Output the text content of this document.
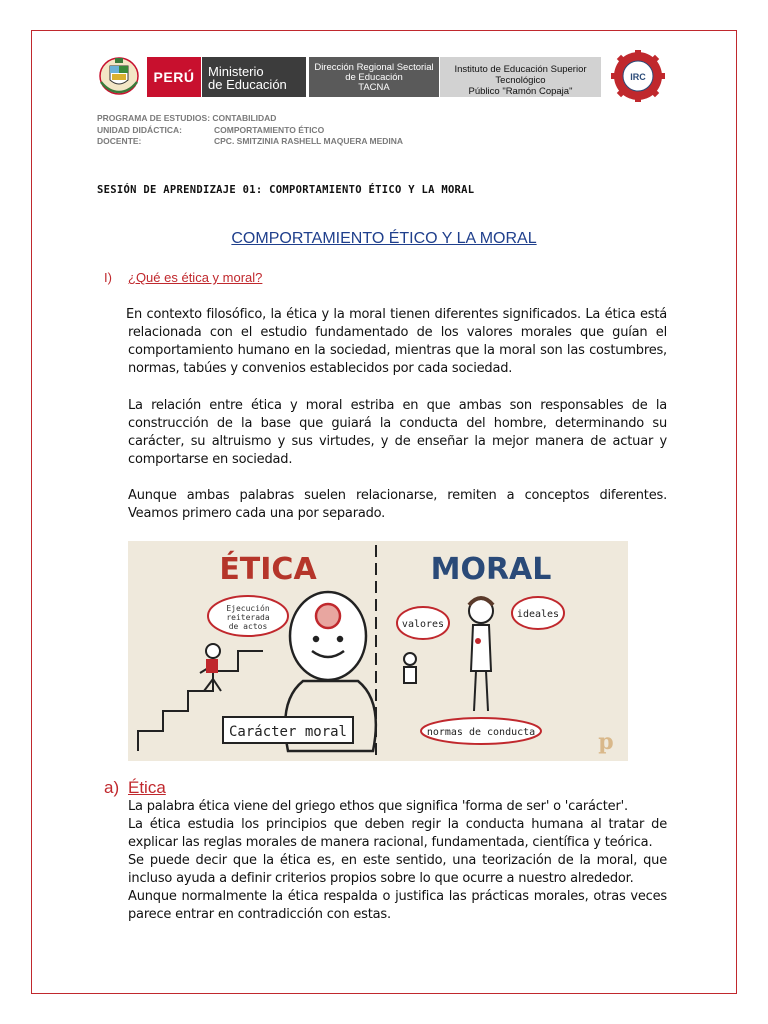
PERÚ	Ministerio
de Educación
Dirección Regional Sectorial
de Educación
TACNA
Instituto de Educación Superior Tecnológico
Público "Ramón Copaja"
IRC
PROGRAMA DE ESTUDIOS: CONTABILIDAD
UNIDAD DIDÁCTICA:	COMPORTAMIENTO ÉTICO
DOCENTE:	CPC. SMITZINIA RASHELL MAQUERA MEDINA
SESIÓN DE APRENDIZAJE 01: COMPORTAMIENTO ÉTICO Y LA MORAL
COMPORTAMIENTO ÉTICO Y LA MORAL
I) ¿Qué es ética y moral?
En contexto filosófico, la ética y la moral tienen diferentes significados. La ética está relacionada con el estudio fundamentado de los valores morales que guían el comportamiento humano en la sociedad, mientras que la moral son las costumbres, normas, tabúes y convenios establecidos por cada sociedad.
La relación entre ética y moral estriba en que ambas son responsables de la construcción de la base que guiará la conducta del hombre, determinando su carácter, su altruismo y sus virtudes, y de enseñar la mejor manera de actuar y comportarse en sociedad.
Aunque ambas palabras suelen relacionarse, remiten a conceptos diferentes. Veamos primero cada una por separado.
ÉTICA	MORAL
Ejecución
reiterada
de actos
Carácter moral
valores
ideales
normas de conducta	p
a) Ética

La palabra ética viene del griego ethos que significa 'forma de ser' o 'carácter'.

La ética estudia los principios que deben regir la conducta humana al tratar de explicar las reglas morales de manera racional, fundamentada, científica y teórica.

Se puede decir que la ética es, en este sentido, una teorización de la moral, que incluso ayuda a definir criterios propios sobre lo que ocurre a nuestro alrededor.

Aunque normalmente la ética respalda o justifica las prácticas morales, otras veces parece entrar en contradicción con estas.
